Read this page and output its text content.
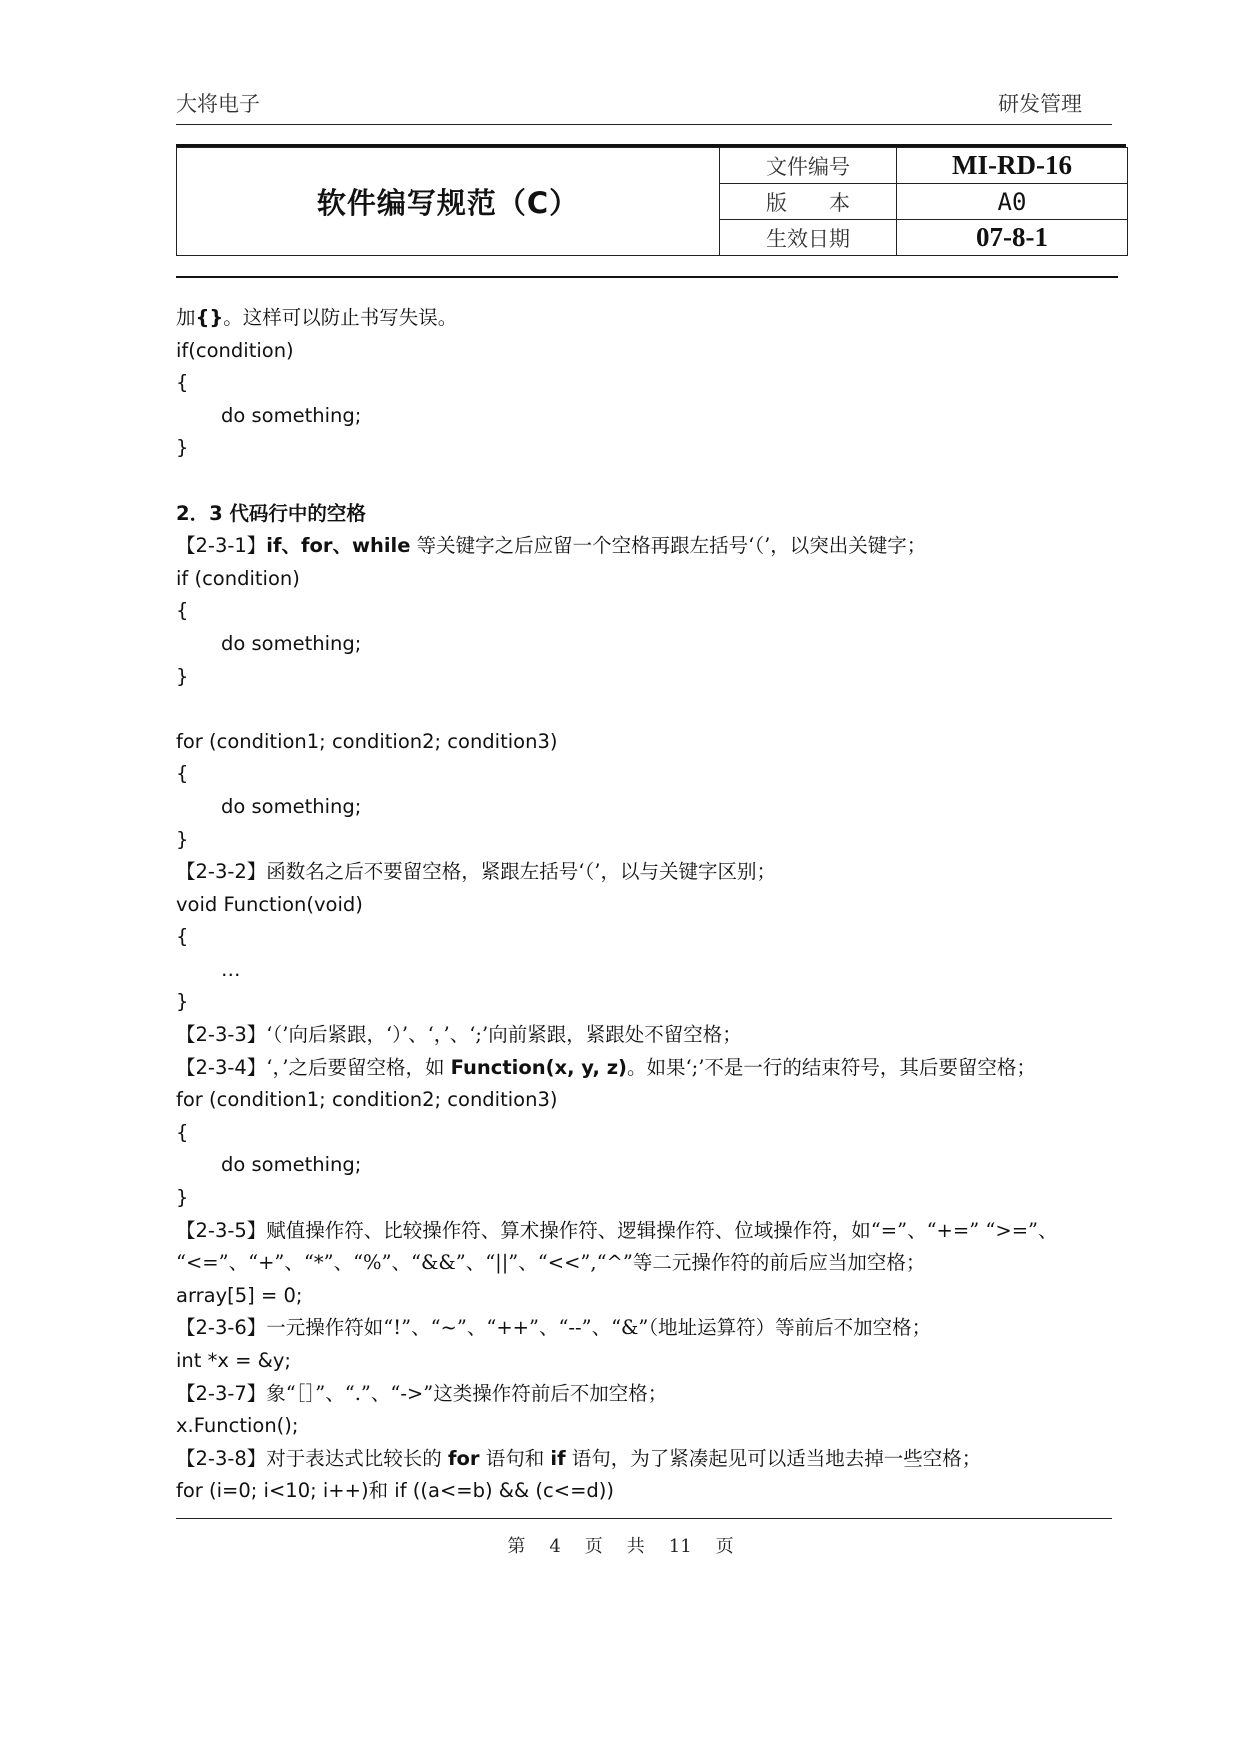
大将电子	研发管理
软件编写规范（C）	文件编号	MI-RD-16
	版　　本	A0
	生效日期	07-8-1
加{}。这样可以防止书写失误。
if(condition)
{
do something;
}
2．3 代码行中的空格
【2-3-1】if、for、while 等关键字之后应留一个空格再跟左括号‘（’，以突出关键字；
if (condition)
{
do something;
}
for (condition1; condition2; condition3)
{
do something;
}
【2-3-2】函数名之后不要留空格，紧跟左括号‘（’，以与关键字区别；
void Function(void)
{
…
}
【2-3-3】‘（’向后紧跟，‘）’、‘，’、‘;’向前紧跟，紧跟处不留空格；
【2-3-4】‘，’之后要留空格，如 Function(x, y, z)。如果‘;’不是一行的结束符号，其后要留空格；
for (condition1; condition2; condition3)
{
do something;
}
【2-3-5】赋值操作符、比较操作符、算术操作符、逻辑操作符、位域操作符，如“=”、“+=” “>=”、
“<=”、“+”、“*”、“%”、“&&”、“||”、“<<”,“^”等二元操作符的前后应当加空格；
array[5] = 0;
【2-3-6】一元操作符如“!”、“~”、“++”、“--”、“&”（地址运算符）等前后不加空格；
int *x = &y;
【2-3-7】象“［］”、“.”、“->”这类操作符前后不加空格；
x.Function();
【2-3-8】对于表达式比较长的 for 语句和 if 语句，为了紧凑起见可以适当地去掉一些空格；
for (i=0; i<10; i++)和 if ((a<=b) && (c<=d))
第 4 页 共 11 页
